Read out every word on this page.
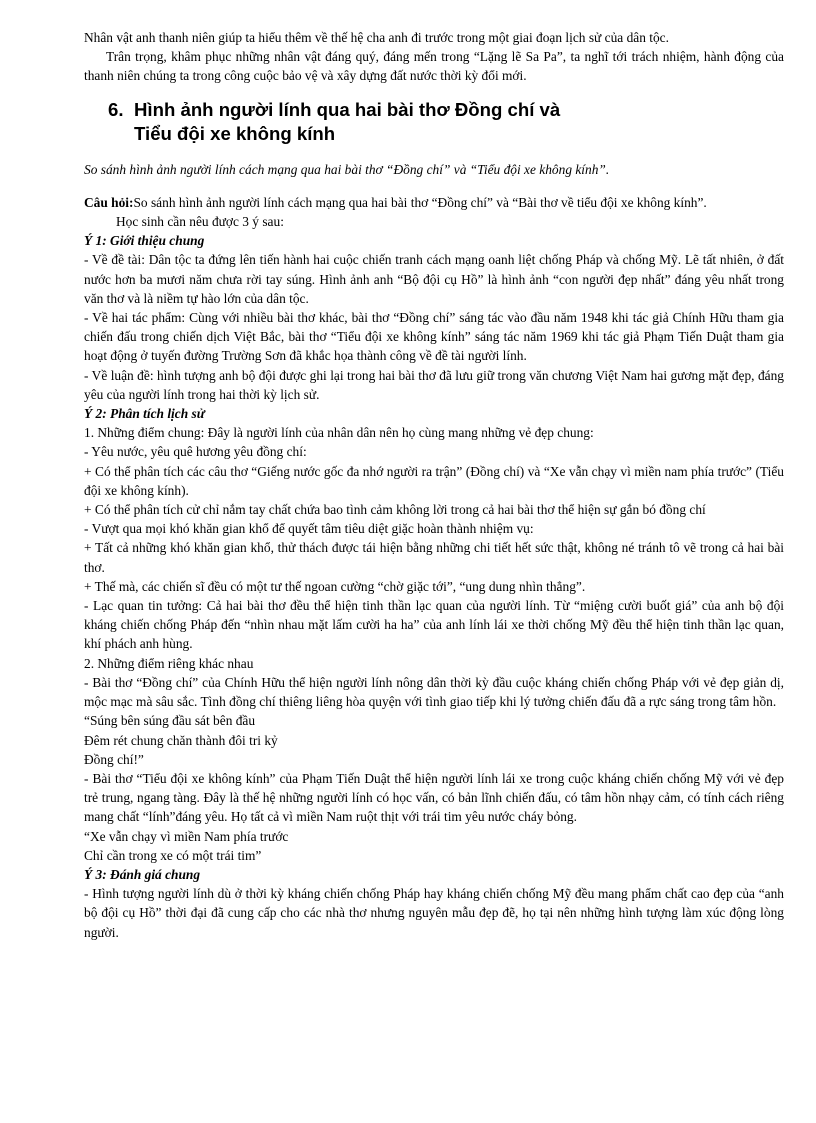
Nhân vật anh thanh niên giúp ta hiểu thêm về thế hệ cha anh đi trước trong một giai đoạn lịch sử của dân tộc.

Trân trọng, khâm phục những nhân vật đáng quý, đáng mến trong “Lặng lẽ Sa Pa”, ta nghĩ tới trách nhiệm, hành động của thanh niên chúng ta trong công cuộc bảo vệ và xây dựng đất nước thời kỳ đổi mới.

6. Hình ảnh người lính qua hai bài thơ Đồng chí và
Tiểu đội xe không kính

So sánh hình ảnh người lính cách mạng qua hai bài thơ “Đồng chí” và “Tiểu đội xe không kính”.

Câu hỏi:So sánh hình ảnh người lính cách mạng qua hai bài thơ “Đồng chí” và “Bài thơ về tiểu đội xe không kính”.

Học sinh cần nêu được 3 ý sau:

Ý 1: Giới thiệu chung

- Về đề tài: Dân tộc ta đứng lên tiến hành hai cuộc chiến tranh cách mạng oanh liệt chống Pháp và chống Mỹ. Lẽ tất nhiên, ở đất nước hơn ba mươi năm chưa rời tay súng. Hình ảnh anh “Bộ đội cụ Hồ” là hình ảnh “con người đẹp nhất” đáng yêu nhất trong văn thơ và là niềm tự hào lớn của dân tộc.

- Về hai tác phẩm: Cùng với nhiều bài thơ khác, bài thơ “Đồng chí” sáng tác vào đầu năm 1948 khi tác giả Chính Hữu tham gia chiến đấu trong chiến dịch Việt Bắc, bài thơ “Tiểu đội xe không kính” sáng tác năm 1969 khi tác giả Phạm Tiến Duật tham gia hoạt động ở tuyến đường Trường Sơn đã khắc họa thành công về đề tài người lính.

- Về luận đề: hình tượng anh bộ đội được ghi lại trong hai bài thơ đã lưu giữ trong văn chương Việt Nam hai gương mặt đẹp, đáng yêu của người lính trong hai thời kỳ lịch sử.

Ý 2: Phân tích lịch sử

1. Những điểm chung: Đây là người lính của nhân dân nên họ cùng mang những vẻ đẹp chung:

- Yêu nước, yêu quê hương yêu đồng chí:

+ Có thể phân tích các câu thơ “Giếng nước gốc đa nhớ người ra trận” (Đồng chí) và “Xe vẫn chạy vì miền nam phía trước” (Tiểu đội xe không kính).

+ Có thể phân tích cử chỉ nắm tay chất chứa bao tình cảm không lời trong cả hai bài thơ thể hiện sự gắn bó đồng chí

- Vượt qua mọi khó khăn gian khổ để quyết tâm tiêu diệt giặc hoàn thành nhiệm vụ:

+ Tất cả những khó khăn gian khổ, thử thách được tái hiện bằng những chi tiết hết sức thật, không né tránh tô vẽ trong cả hai bài thơ.

+ Thế mà, các chiến sĩ đều có một tư thế ngoan cường “chờ giặc tới”, “ung dung nhìn thẳng”.

- Lạc quan tin tưởng: Cả hai bài thơ đều thể hiện tinh thần lạc quan của người lính. Từ “miệng cười buốt giá” của anh bộ đội kháng chiến chống Pháp đến “nhìn nhau mặt lấm cười ha ha” của anh lính lái xe thời chống Mỹ đều thể hiện tinh thần lạc quan, khí phách anh hùng.

2. Những điểm riêng khác nhau

- Bài thơ “Đồng chí” của Chính Hữu thể hiện người lính nông dân thời kỳ đầu cuộc kháng chiến chống Pháp với vẻ đẹp giản dị, mộc mạc mà sâu sắc. Tình đồng chí thiêng liêng hòa quyện với tình giao tiếp khi lý tưởng chiến đấu đã a rực sáng trong tâm hồn.

“Súng bên súng đầu sát bên đầu

Đêm rét chung chăn thành đôi tri kỷ

Đồng chí!”

- Bài thơ “Tiểu đội xe không kính” của Phạm Tiến Duật thể hiện người lính lái xe trong cuộc kháng chiến chống Mỹ với vẻ đẹp trẻ trung, ngang tàng. Đây là thế hệ những người lính có học vấn, có bản lĩnh chiến đấu, có tâm hồn nhạy cảm, có tính cách riêng mang chất “lính”đáng yêu. Họ tất cả vì miền Nam ruột thịt với trái tim yêu nước cháy bỏng.

“Xe vẫn chạy vì miền Nam phía trước

Chỉ cần trong xe có một trái tim”

Ý 3: Đánh giá chung

- Hình tượng người lính dù ở thời kỳ kháng chiến chống Pháp hay kháng chiến chống Mỹ đều mang phẩm chất cao đẹp của “anh bộ đội cụ Hồ” thời đại đã cung cấp cho các nhà thơ nhưng nguyên mẫu đẹp đẽ, họ tại nên những hình tượng làm xúc động lòng người.
